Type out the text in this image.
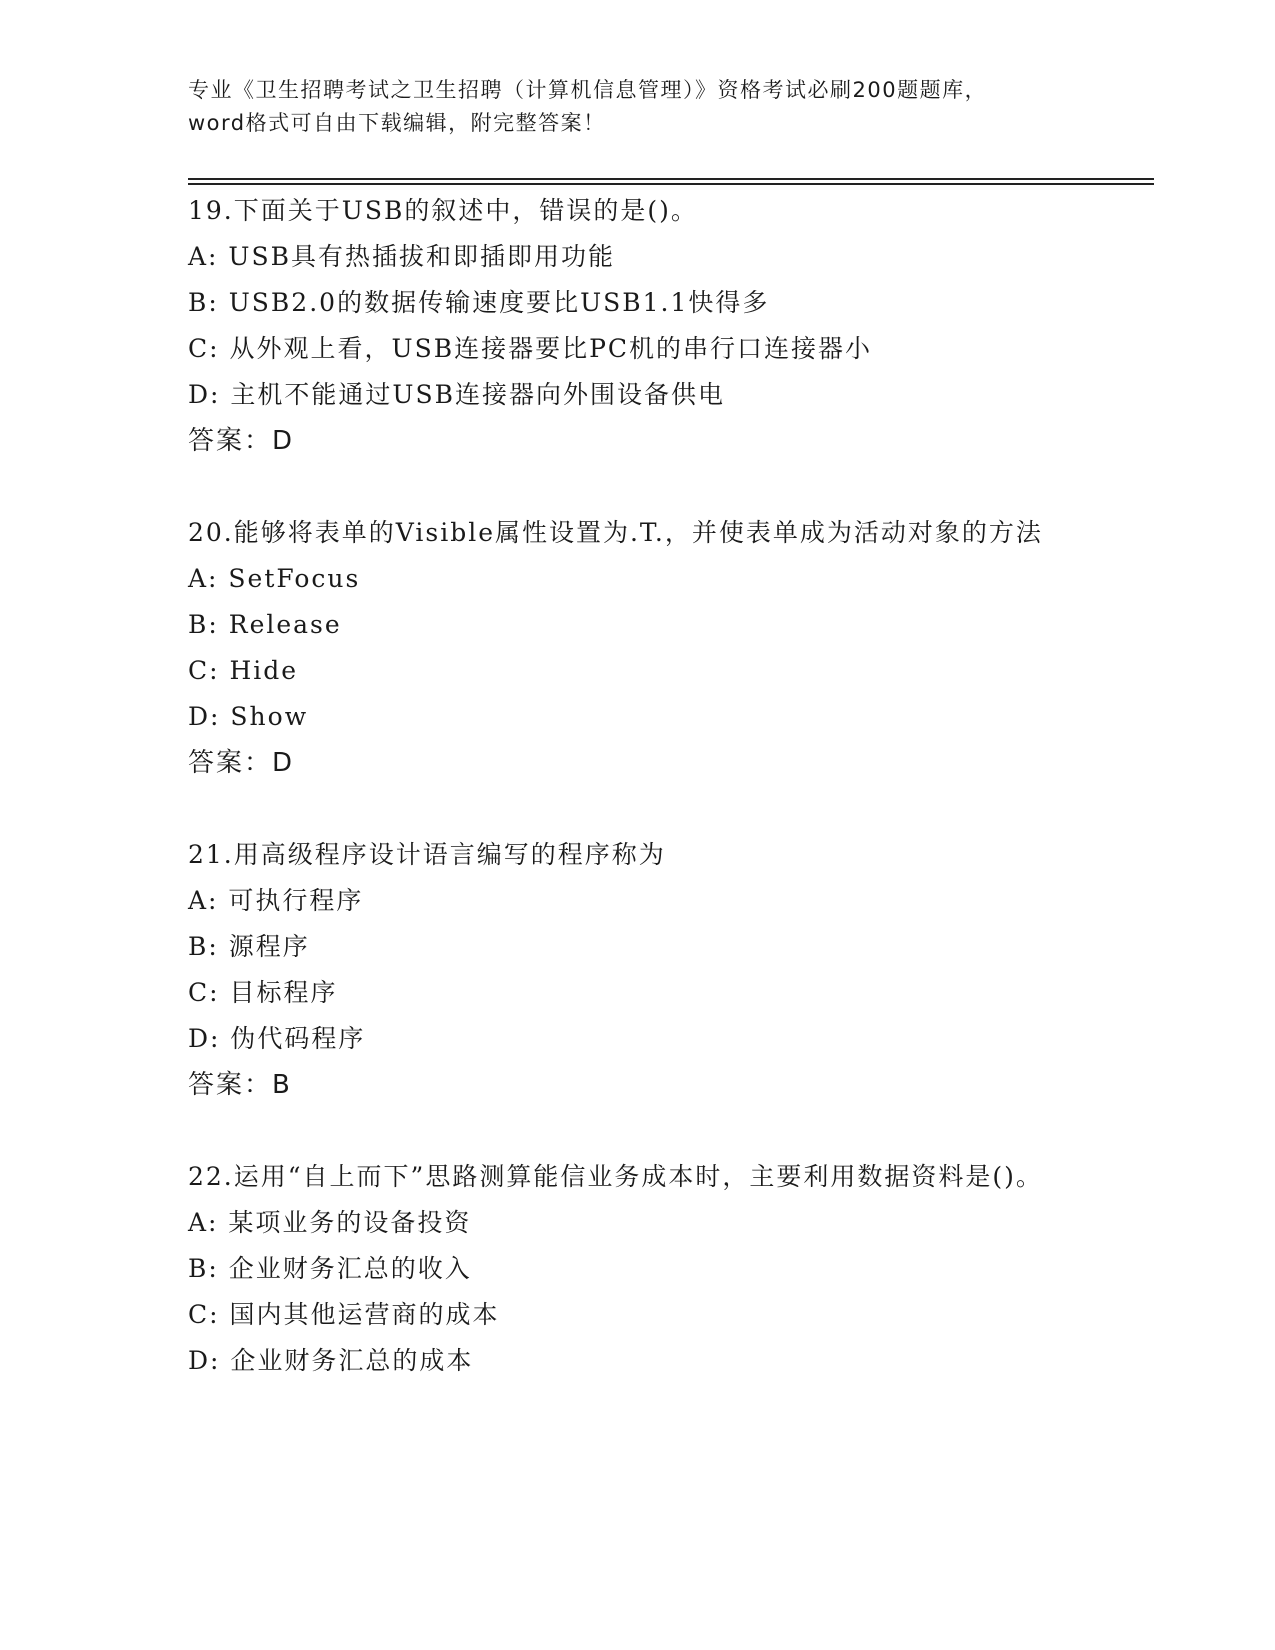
专业《卫生招聘考试之卫生招聘（计算机信息管理）》资格考试必刷200题题库，
word格式可自由下载编辑，附完整答案！
19.下面关于USB的叙述中，错误的是()。
A: USB具有热插拔和即插即用功能
B: USB2.0的数据传输速度要比USB1.1快得多
C: 从外观上看，USB连接器要比PC机的串行口连接器小
D: 主机不能通过USB连接器向外围设备供电
答案：D
20.能够将表单的Visible属性设置为.T.，并使表单成为活动对象的方法
A: SetFocus
B: Release
C: Hide
D: Show
答案：D
21.用高级程序设计语言编写的程序称为
A: 可执行程序
B: 源程序
C: 目标程序
D: 伪代码程序
答案：B
22.运用“自上而下”思路测算能信业务成本时，主要利用数据资料是()。
A: 某项业务的设备投资
B: 企业财务汇总的收入
C: 国内其他运营商的成本
D: 企业财务汇总的成本
